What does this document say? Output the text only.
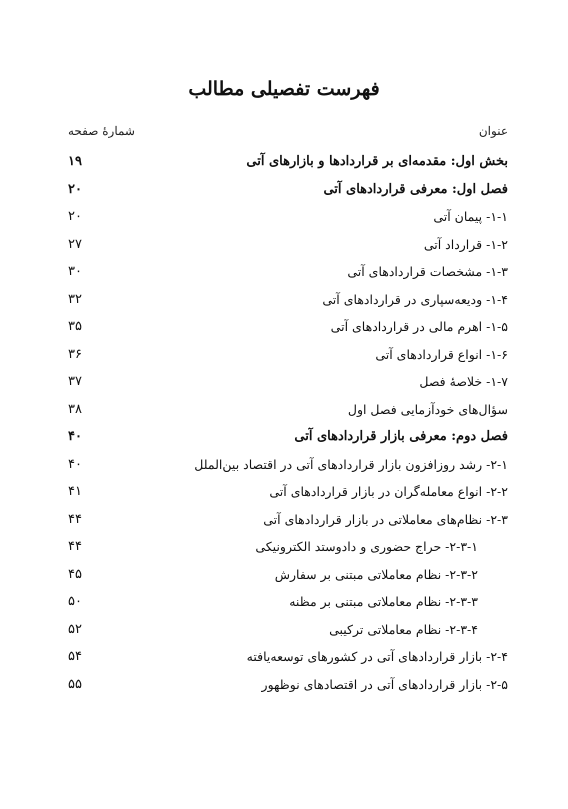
فهرست تفصیلی مطالب
عنوان
شمارهٔ صفحه
بخش اول: مقدمه‌ای بر قراردادها و بازارهای آتی
۱۹
فصل اول: معرفی قراردادهای آتی
۲۰
۱-۱- پیمان آتی
۲۰
۱-۲- قرارداد آتی
۲۷
۱-۳- مشخصات قراردادهای آتی
۳۰
۱-۴- ودیعه‌سپاری در قراردادهای آتی
۳۲
۱-۵- اهرم مالی در قراردادهای آتی
۳۵
۱-۶- انواع قراردادهای آتی
۳۶
۱-۷- خلاصهٔ فصل
۳۷
سؤال‌های خودآزمایی فصل اول
۳۸
فصل دوم: معرفی بازار قراردادهای آتی
۴۰
۲-۱- رشد روزافزون بازار قراردادهای آتی در اقتصاد بین‌الملل
۴۰
۲-۲- انواع معامله‌گران در بازار قراردادهای آتی
۴۱
۲-۳- نظام‌های معاملاتی در بازار قراردادهای آتی
۴۴
۲-۳-۱- حراج حضوری و دادوستد الکترونیکی
۴۴
۲-۳-۲- نظام معاملاتی مبتنی بر سفارش
۴۵
۲-۳-۳- نظام معاملاتی مبتنی بر مظنه
۵۰
۲-۳-۴- نظام معاملاتی ترکیبی
۵۲
۲-۴- بازار قراردادهای آتی در کشورهای توسعه‌یافته
۵۴
۲-۵- بازار قراردادهای آتی در اقتصادهای نوظهور
۵۵
